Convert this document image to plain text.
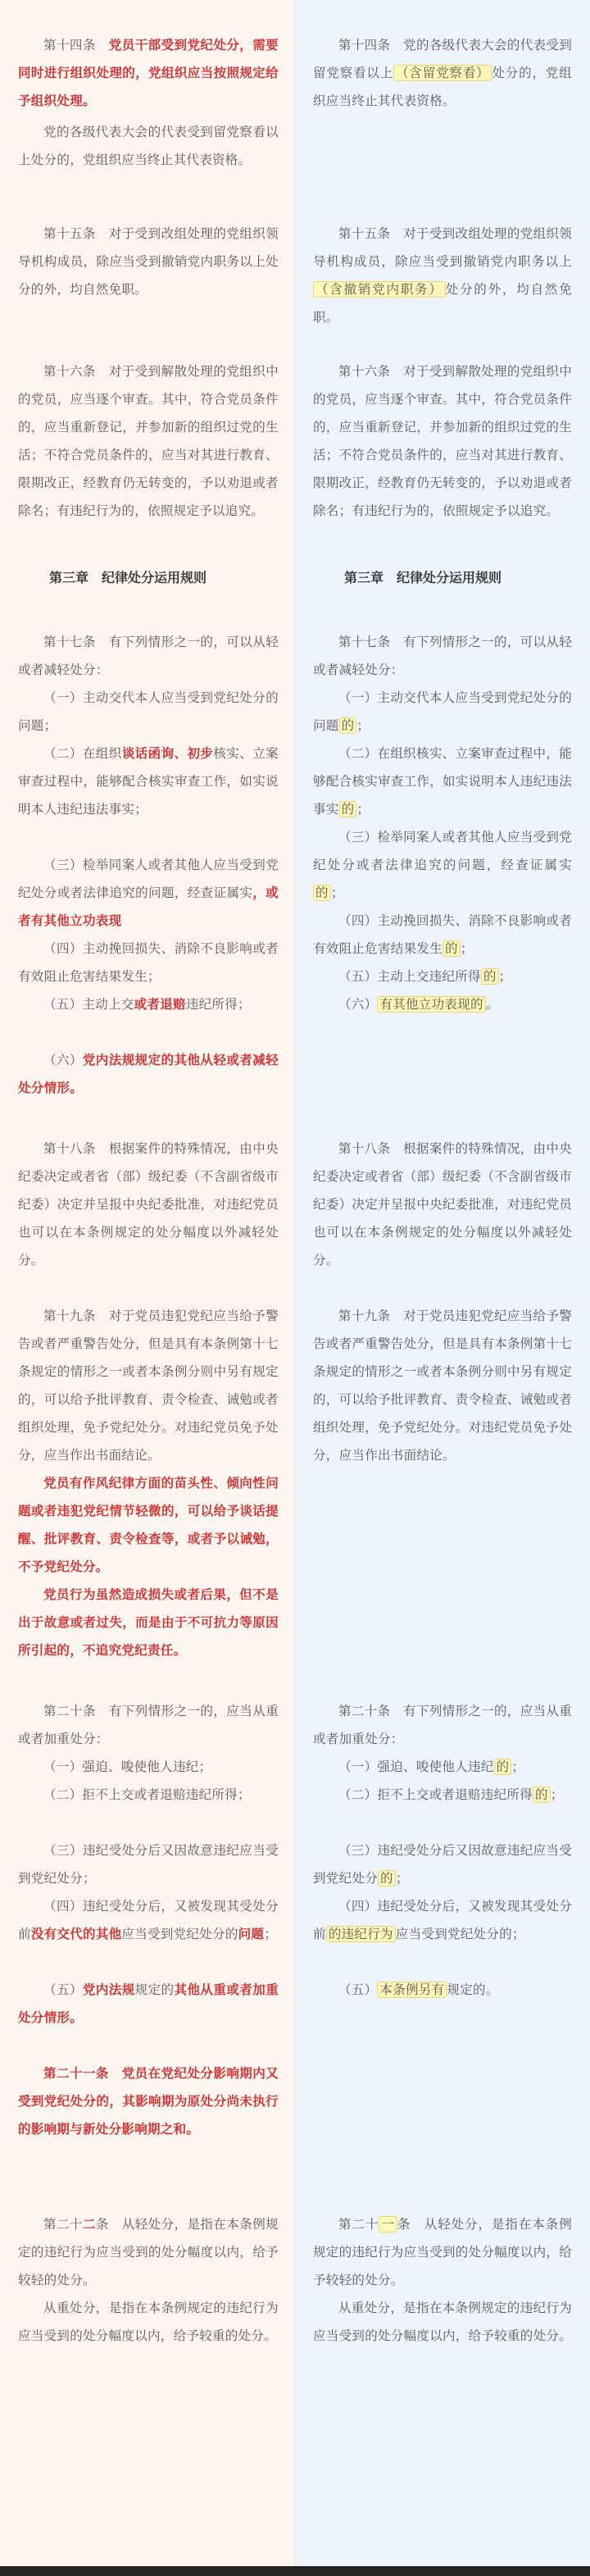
第十四条　党员干部受到党纪处分，需要同时进行组织处理的，党组织应当按照规定给予组织处理。

党的各级代表大会的代表受到留党察看以上处分的，党组织应当终止其代表资格。

第十五条　对于受到改组处理的党组织领导机构成员，除应当受到撤销党内职务以上处分的外，均自然免职。

第十六条　对于受到解散处理的党组织中的党员，应当逐个审查。其中，符合党员条件的，应当重新登记，并参加新的组织过党的生活；不符合党员条件的，应当对其进行教育、限期改正，经教育仍无转变的，予以劝退或者除名；有违纪行为的，依照规定予以追究。

第三章　纪律处分运用规则

第十七条　有下列情形之一的，可以从轻或者减轻处分：

（一）主动交代本人应当受到党纪处分的问题；

（二）在组织谈话函询、初步核实、立案审查过程中，能够配合核实审查工作，如实说明本人违纪违法事实；

（三）检举同案人或者其他人应当受到党纪处分或者法律追究的问题，经查证属实，或者有其他立功表现

（四）主动挽回损失、消除不良影响或者有效阻止危害结果发生；

（五）主动上交或者退赔违纪所得；

（六）党内法规规定的其他从轻或者减轻处分情形。

第十八条　根据案件的特殊情况，由中央纪委决定或者省（部）级纪委（不含副省级市纪委）决定并呈报中央纪委批准，对违纪党员也可以在本条例规定的处分幅度以外减轻处分。

第十九条　对于党员违犯党纪应当给予警告或者严重警告处分，但是具有本条例第十七条规定的情形之一或者本条例分则中另有规定的，可以给予批评教育、责令检查、诫勉或者组织处理，免予党纪处分。对违纪党员免予处分，应当作出书面结论。

党员有作风纪律方面的苗头性、倾向性问题或者违犯党纪情节轻微的，可以给予谈话提醒、批评教育、责令检查等，或者予以诫勉，不予党纪处分。

党员行为虽然造成损失或者后果，但不是出于故意或者过失，而是由于不可抗力等原因所引起的，不追究党纪责任。

第二十条　有下列情形之一的，应当从重或者加重处分：

（一）强迫、唆使他人违纪；

（二）拒不上交或者退赔违纪所得；

（三）违纪受处分后又因故意违纪应当受到党纪处分；

（四）违纪受处分后，又被发现其受处分前没有交代的其他应当受到党纪处分的问题；

（五）党内法规规定的其他从重或者加重处分情形。

第二十一条　党员在党纪处分影响期内又受到党纪处分的，其影响期为原处分尚未执行的影响期与新处分影响期之和。

第二十二条　从轻处分，是指在本条例规定的违纪行为应当受到的处分幅度以内，给予较轻的处分。

从重处分，是指在本条例规定的违纪行为应当受到的处分幅度以内，给予较重的处分。

第十四条　党的各级代表大会的代表受到留党察看以上 （含留党察看） 处分的，党组织应当终止其代表资格。

第十五条　对于受到改组处理的党组织领导机构成员，除应当受到撤销党内职务以上（含撤销党内职务） 处分的外，均自然免职。

第十六条　对于受到解散处理的党组织中的党员，应当逐个审查。其中，符合党员条件的，应当重新登记，并参加新的组织过党的生活；不符合党员条件的，应当对其进行教育、限期改正，经教育仍无转变的，予以劝退或者除名；有违纪行为的，依照规定予以追究。

第三章　纪律处分运用规则

第十七条　有下列情形之一的，可以从轻或者减轻处分：

（一）主动交代本人应当受到党纪处分的问题 的 ；

（二）在组织核实、立案审查过程中，能够配合核实审查工作，如实说明本人违纪违法事实 的 ；

（三）检举同案人或者其他人应当受到党纪处分或者法律追究的问题，经查证属实的 ；

（四）主动挽回损失、消除不良影响或者有效阻止危害结果发生 的 ；

（五）主动上交违纪所得 的 ；

（六） 有其他立功表现的 。

第十八条　根据案件的特殊情况，由中央纪委决定或者省（部）级纪委（不含副省级市纪委）决定并呈报中央纪委批准，对违纪党员也可以在本条例规定的处分幅度以外减轻处分。

第十九条　对于党员违犯党纪应当给予警告或者严重警告处分，但是具有本条例第十七条规定的情形之一或者本条例分则中另有规定的，可以给予批评教育、责令检查、诫勉或者组织处理，免予党纪处分。对违纪党员免予处分，应当作出书面结论。

第二十条　有下列情形之一的，应当从重或者加重处分：

（一）强迫、唆使他人违纪 的 ；

（二）拒不上交或者退赔违纪所得 的 ；

（三）违纪受处分后又因故意违纪应当受到党纪处分 的 ；

（四）违纪受处分后，又被发现其受处分前 的违纪行为 应当受到党纪处分的；

（五） 本条例另有 规定的。

第二十 一 条　从轻处分，是指在本条例规定的违纪行为应当受到的处分幅度以内，给予较轻的处分。

从重处分，是指在本条例规定的违纪行为应当受到的处分幅度以内，给予较重的处分。
